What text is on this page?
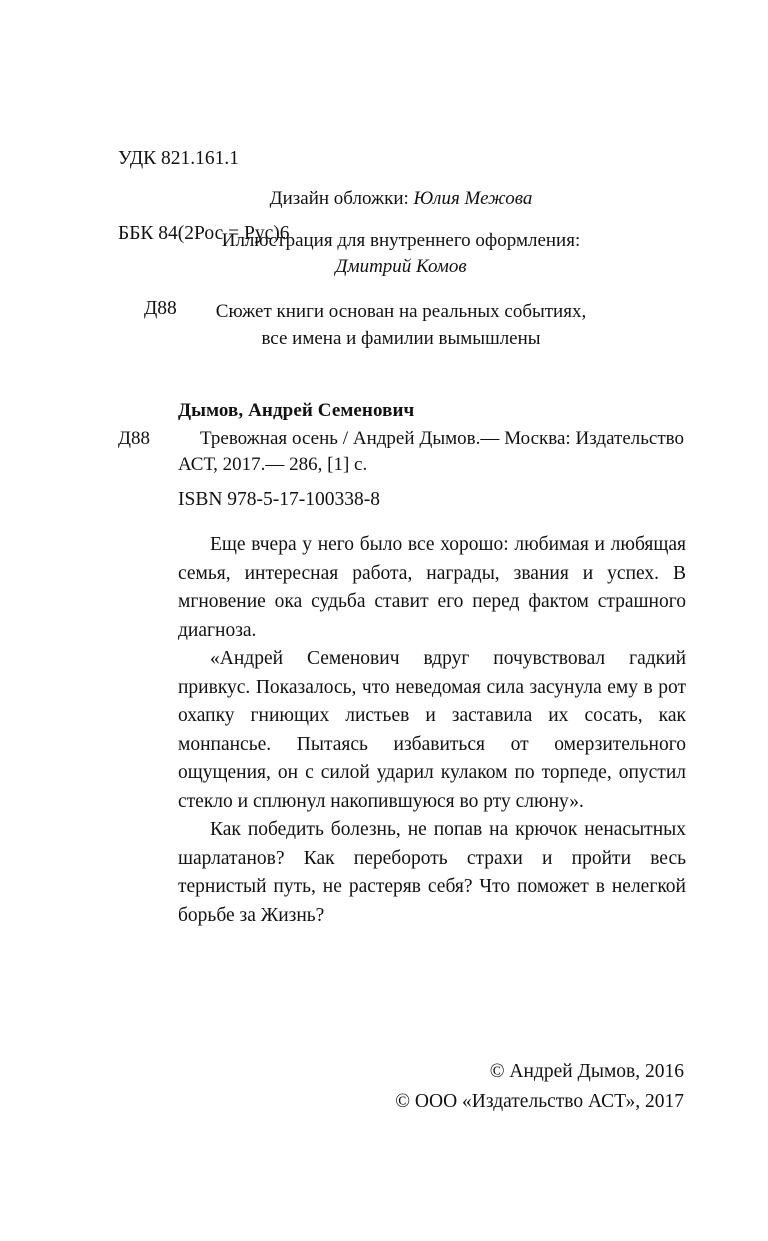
УДК 821.161.1

ББК 84(2Рос = Рус)6

Д88

Дизайн обложки: Юлия Межова

Иллюстрация для внутреннего оформления:
Дмитрий Комов

Сюжет книги основан на реальных событиях,
все имена и фамилии вымышлены
Дымов, Андрей Семенович
Д88	Тревожная осень / Андрей Дымов.— Москва: Издательство АСТ, 2017.— 286, [1] с.

ISBN 978-5-17-100338-8

Еще вчера у него было все хорошо: любимая и любящая семья, интересная работа, награды, звания и успех. В мгновение ока судьба ставит его перед фактом страшного диагноза.

«Андрей Семенович вдруг почувствовал гадкий привкус. Показалось, что неведомая сила засунула ему в рот охапку гниющих листьев и заставила их сосать, как монпансье. Пытаясь избавиться от омерзительного ощущения, он с силой ударил кулаком по торпеде, опустил стекло и сплюнул накопившуюся во рту слюну».

Как победить болезнь, не попав на крючок ненасытных шарлатанов? Как перебороть страхи и пройти весь тернистый путь, не растеряв себя? Что поможет в нелегкой борьбе за Жизнь?

© Андрей Дымов, 2016
© ООО «Издательство АСТ», 2017
